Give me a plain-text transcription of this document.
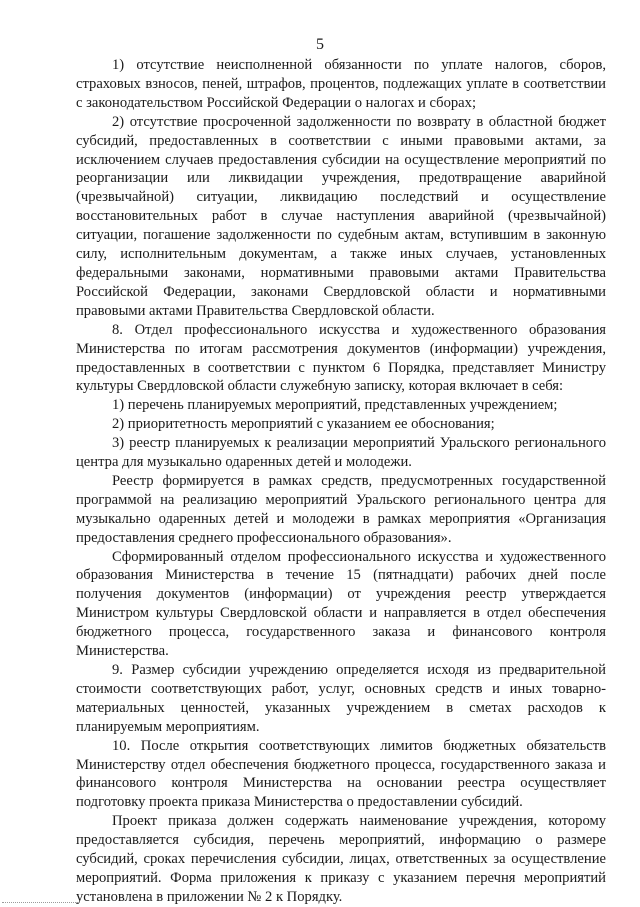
5

1) отсутствие неисполненной обязанности по уплате налогов, сборов, страховых взносов, пеней, штрафов, процентов, подлежащих уплате в соответствии с законодательством Российской Федерации о налогах и сборах;

2) отсутствие просроченной задолженности по возврату в областной бюджет субсидий, предоставленных в соответствии с иными правовыми актами, за исключением случаев предоставления субсидии на осуществление мероприятий по реорганизации или ликвидации учреждения, предотвращение аварийной (чрезвычайной) ситуации, ликвидацию последствий и осуществление восстановительных работ в случае наступления аварийной (чрезвычайной) ситуации, погашение задолженности по судебным актам, вступившим в законную силу, исполнительным документам, а также иных случаев, установленных федеральными законами, нормативными правовыми актами Правительства Российской Федерации, законами Свердловской области и нормативными правовыми актами Правительства Свердловской области.

8. Отдел профессионального искусства и художественного образования Министерства по итогам рассмотрения документов (информации) учреждения, предоставленных в соответствии с пунктом 6 Порядка, представляет Министру культуры Свердловской области служебную записку, которая включает в себя:

1) перечень планируемых мероприятий, представленных учреждением;

2) приоритетность мероприятий с указанием ее обоснования;

3) реестр планируемых к реализации мероприятий Уральского регионального центра для музыкально одаренных детей и молодежи.

Реестр формируется в рамках средств, предусмотренных государственной программой на реализацию мероприятий Уральского регионального центра для музыкально одаренных детей и молодежи в рамках мероприятия «Организация предоставления среднего профессионального образования».

Сформированный отделом профессионального искусства и художественного образования Министерства в течение 15 (пятнадцати) рабочих дней после получения документов (информации) от учреждения реестр утверждается Министром культуры Свердловской области и направляется в отдел обеспечения бюджетного процесса, государственного заказа и финансового контроля Министерства.

9. Размер субсидии учреждению определяется исходя из предварительной стоимости соответствующих работ, услуг, основных средств и иных товарно-материальных ценностей, указанных учреждением в сметах расходов к планируемым мероприятиям.

10. После открытия соответствующих лимитов бюджетных обязательств Министерству отдел обеспечения бюджетного процесса, государственного заказа и финансового контроля Министерства на основании реестра осуществляет подготовку проекта приказа Министерства о предоставлении субсидий.

Проект приказа должен содержать наименование учреждения, которому предоставляется субсидия, перечень мероприятий, информацию о размере субсидий, сроках перечисления субсидии, лицах, ответственных за осуществление мероприятий. Форма приложения к приказу с указанием перечня мероприятий установлена в приложении № 2 к Порядку.
